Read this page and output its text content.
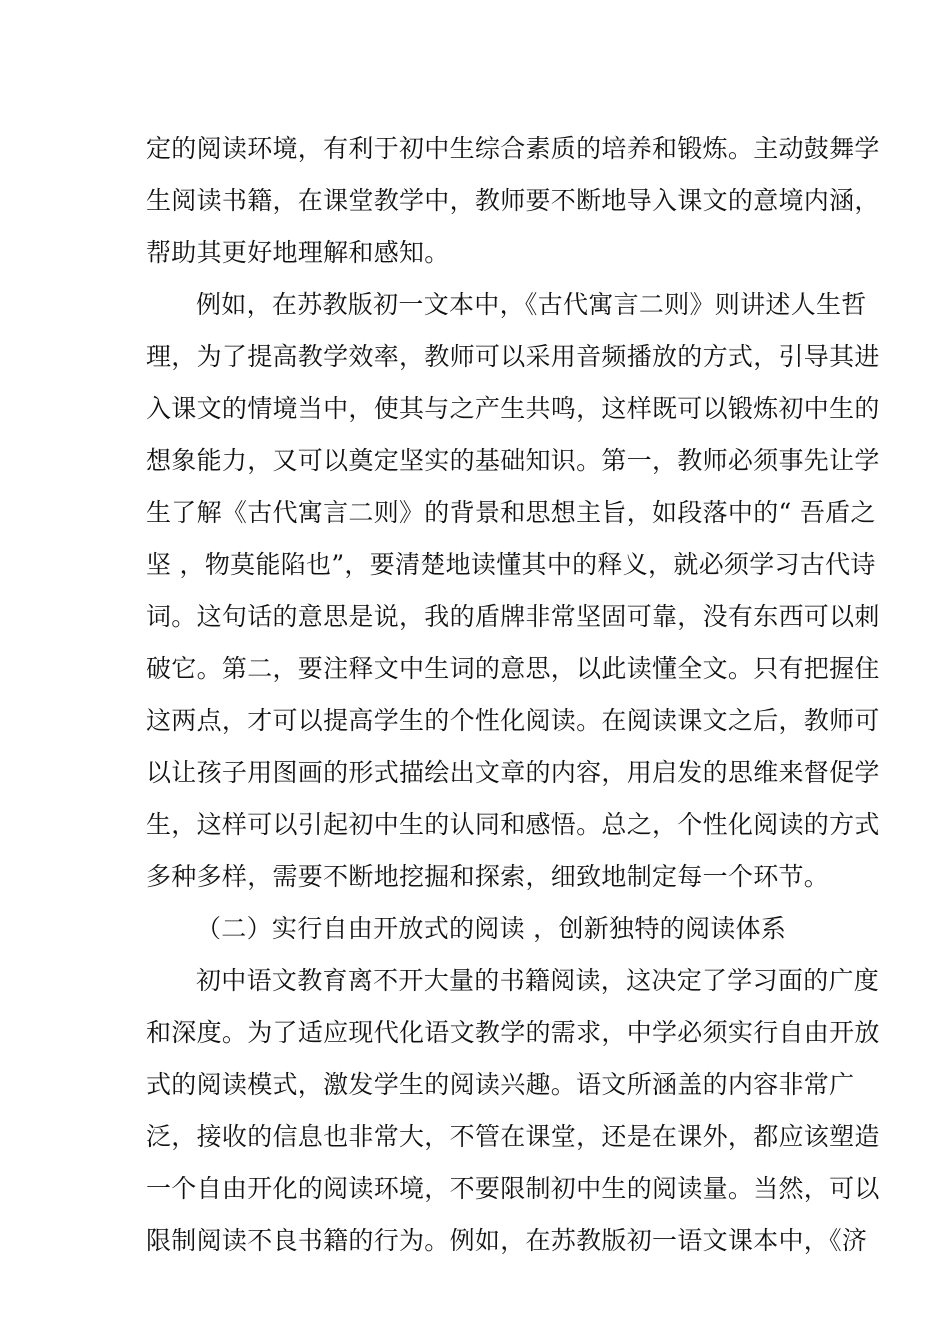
定的阅读环境，有利于初中生综合素质的培养和锻炼。主动鼓舞学
生阅读书籍，在课堂教学中，教师要不断地导入课文的意境内涵，
帮助其更好地理解和感知。
例如，在苏教版初一文本中，《古代寓言二则》则讲述人生哲
理，为了提高教学效率，教师可以采用音频播放的方式，引导其进
入课文的情境当中，使其与之产生共鸣，这样既可以锻炼初中生的
想象能力，又可以奠定坚实的基础知识。第一，教师必须事先让学
生了解《古代寓言二则》的背景和思想主旨，如段落中的“ 吾盾之
坚 ，物莫能陷也”，要清楚地读懂其中的释义，就必须学习古代诗
词。这句话的意思是说，我的盾牌非常坚固可靠，没有东西可以刺
破它。第二，要注释文中生词的意思，以此读懂全文。只有把握住
这两点，才可以提高学生的个性化阅读。在阅读课文之后，教师可
以让孩子用图画的形式描绘出文章的内容，用启发的思维来督促学
生，这样可以引起初中生的认同和感悟。总之，个性化阅读的方式
多种多样，需要不断地挖掘和探索，细致地制定每一个环节。
（二）实行自由开放式的阅读 ，创新独特的阅读体系
初中语文教育离不开大量的书籍阅读，这决定了学习面的广度
和深度。为了适应现代化语文教学的需求，中学必须实行自由开放
式的阅读模式，激发学生的阅读兴趣。语文所涵盖的内容非常广
泛，接收的信息也非常大，不管在课堂，还是在课外，都应该塑造
一个自由开化的阅读环境，不要限制初中生的阅读量。当然，可以
限制阅读不良书籍的行为。例如，在苏教版初一语文课本中，《济
